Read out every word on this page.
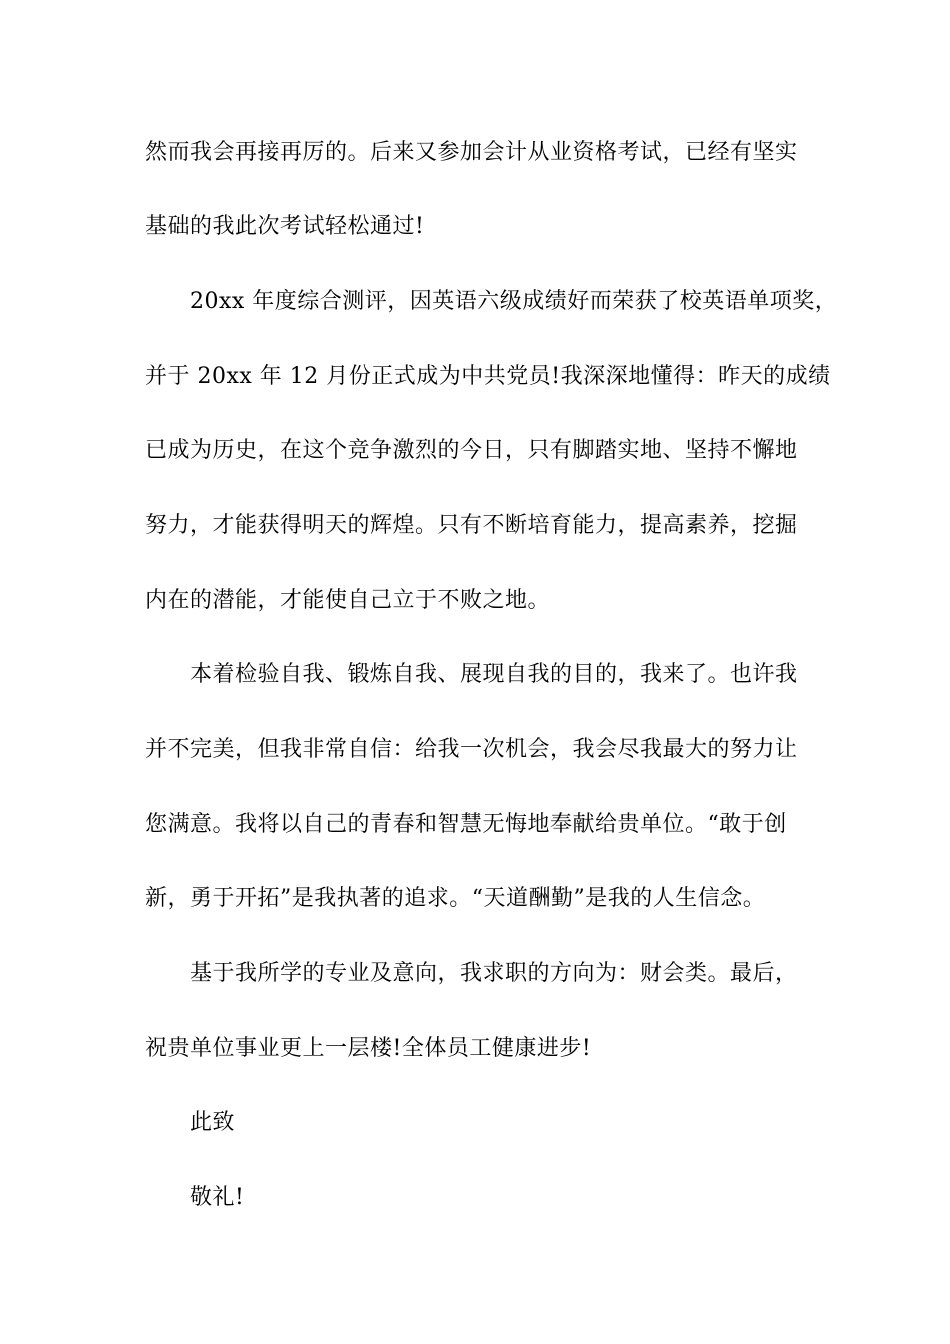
然而我会再接再厉的。后来又参加会计从业资格考试，已经有坚实
基础的我此次考试轻松通过!
20xx 年度综合测评，因英语六级成绩好而荣获了校英语单项奖，
并于 20xx 年 12 月份正式成为中共党员!我深深地懂得：昨天的成绩
已成为历史，在这个竞争激烈的今日，只有脚踏实地、坚持不懈地
努力，才能获得明天的辉煌。只有不断培育能力，提高素养，挖掘
内在的潜能，才能使自己立于不败之地。
本着检验自我、锻炼自我、展现自我的目的，我来了。也许我
并不完美，但我非常自信：给我一次机会，我会尽我最大的努力让
您满意。我将以自己的青春和智慧无悔地奉献给贵单位。“敢于创
新，勇于开拓”是我执著的追求。“天道酬勤”是我的人生信念。
基于我所学的专业及意向，我求职的方向为：财会类。最后，
祝贵单位事业更上一层楼!全体员工健康进步!
此致
敬礼!
